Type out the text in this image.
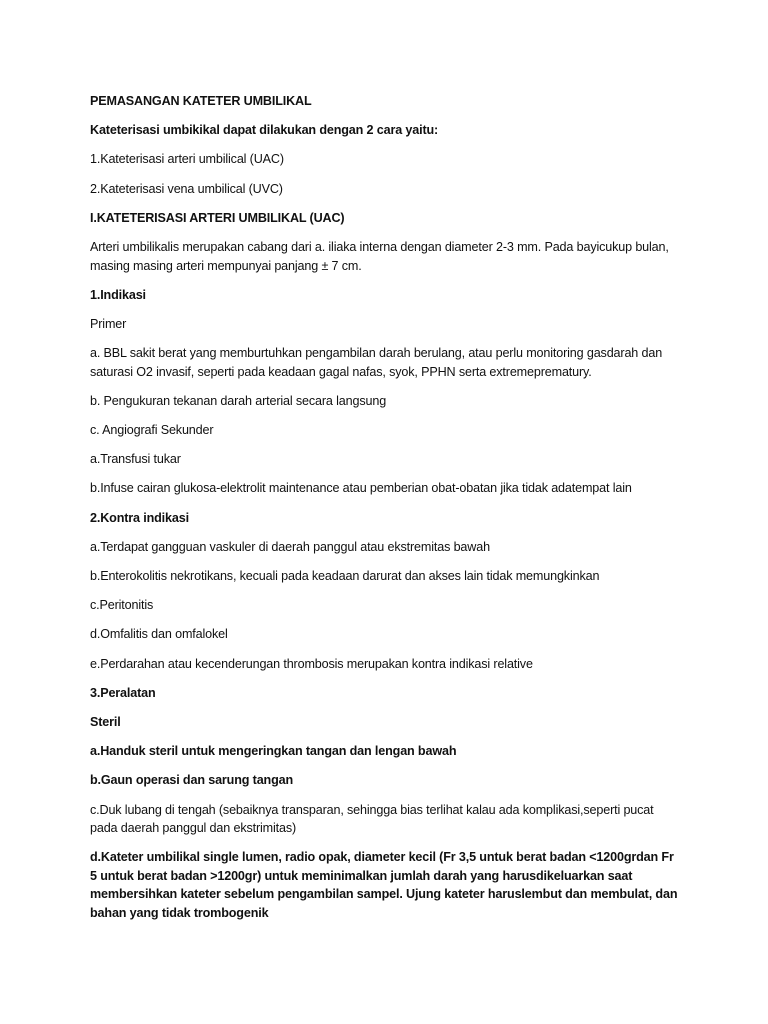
PEMASANGAN KATETER UMBILIKAL

Kateterisasi umbikikal dapat dilakukan dengan 2 cara yaitu:

1.Kateterisasi arteri umbilical (UAC)

2.Kateterisasi vena umbilical (UVC)

I.KATETERISASI ARTERI UMBILIKAL (UAC)

Arteri umbilikalis merupakan cabang dari a. iliaka interna dengan diameter 2-3 mm. Pada bayicukup bulan, masing masing arteri mempunyai panjang ± 7 cm.

1.Indikasi

Primer

a. BBL sakit berat yang memburtuhkan pengambilan darah berulang, atau perlu monitoring gasdarah dan saturasi O2 invasif, seperti pada keadaan gagal nafas, syok, PPHN serta extremeprematury.

b. Pengukuran tekanan darah arterial secara langsung

c. Angiografi Sekunder

a.Transfusi tukar

b.Infuse cairan glukosa-elektrolit maintenance atau pemberian obat-obatan jika tidak adatempat lain

2.Kontra indikasi

a.Terdapat gangguan vaskuler di daerah panggul atau ekstremitas bawah

b.Enterokolitis nekrotikans, kecuali pada keadaan darurat dan akses lain tidak memungkinkan

c.Peritonitis

d.Omfalitis dan omfalokel

e.Perdarahan atau kecenderungan thrombosis merupakan kontra indikasi relative

3.Peralatan

Steril

a.Handuk steril untuk mengeringkan tangan dan lengan bawah

b.Gaun operasi dan sarung tangan

c.Duk lubang di tengah (sebaiknya transparan, sehingga bias terlihat kalau ada komplikasi,seperti pucat pada daerah panggul dan ekstrimitas)

d.Kateter umbilikal single lumen, radio opak, diameter kecil (Fr 3,5 untuk berat badan <1200grdan Fr 5 untuk berat badan >1200gr) untuk meminimalkan jumlah darah yang harusdikeluarkan saat membersihkan kateter sebelum pengambilan sampel. Ujung kateter haruslembut dan membulat, dan bahan yang tidak trombogenik
